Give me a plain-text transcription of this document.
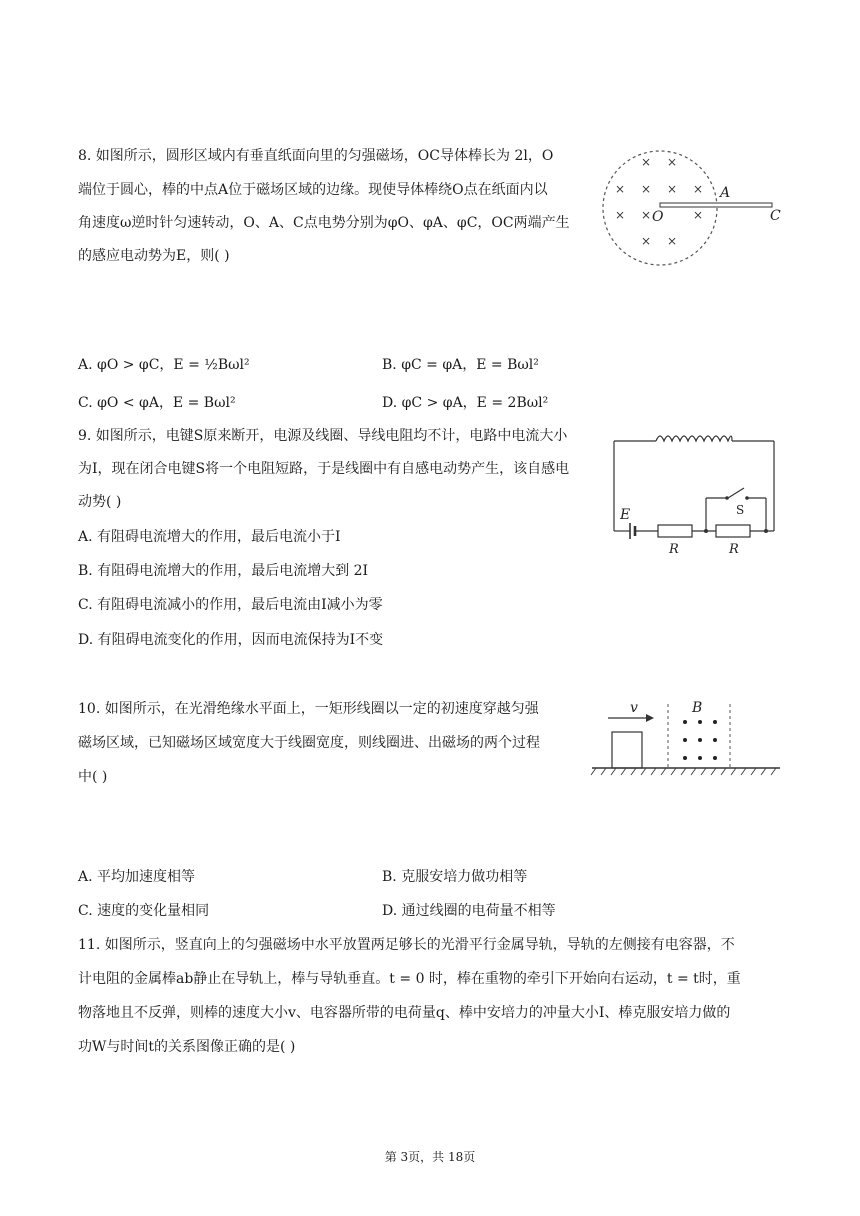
8. 如图所示，圆形区域内有垂直纸面向里的匀强磁场，OC导体棒长为 2l，O
端位于圆心，棒的中点A位于磁场区域的边缘。现使导体棒绕O点在纸面内以
角速度ω逆时针匀速转动，O、A、C点电势分别为φO、φA、φC，OC两端产生
的感应电动势为E，则( )
× ×
× × × ×
× ×	×
× ×
O
A
C
A. φO > φC，E = ½Bωl²	B. φC = φA，E = Bωl²
C. φO < φA，E = Bωl²	D. φC > φA，E = 2Bωl²
9. 如图所示，电键S原来断开，电源及线圈、导线电阻均不计，电路中电流大小
为I，现在闭合电键S将一个电阻短路，于是线圈中有自感电动势产生，该自感电
动势( )
A. 有阻碍电流增大的作用，最后电流小于I
B. 有阻碍电流增大的作用，最后电流增大到 2I
C. 有阻碍电流减小的作用，最后电流由I减小为零
D. 有阻碍电流变化的作用，因而电流保持为I不变
E	S
R	R
10. 如图所示，在光滑绝缘水平面上，一矩形线圈以一定的初速度穿越匀强
磁场区域，已知磁场区域宽度大于线圈宽度，则线圈进、出磁场的两个过程
中( )
v	B
A. 平均加速度相等	B. 克服安培力做功相等
C. 速度的变化量相同	D. 通过线圈的电荷量不相等
11. 如图所示，竖直向上的匀强磁场中水平放置两足够长的光滑平行金属导轨，导轨的左侧接有电容器，不
计电阻的金属棒ab静止在导轨上，棒与导轨垂直。t = 0 时，棒在重物的牵引下开始向右运动，t = t时，重
物落地且不反弹，则棒的速度大小v、电容器所带的电荷量q、棒中安培力的冲量大小I、棒克服安培力做的
功W与时间t的关系图像正确的是( )
第 3页，共 18页
